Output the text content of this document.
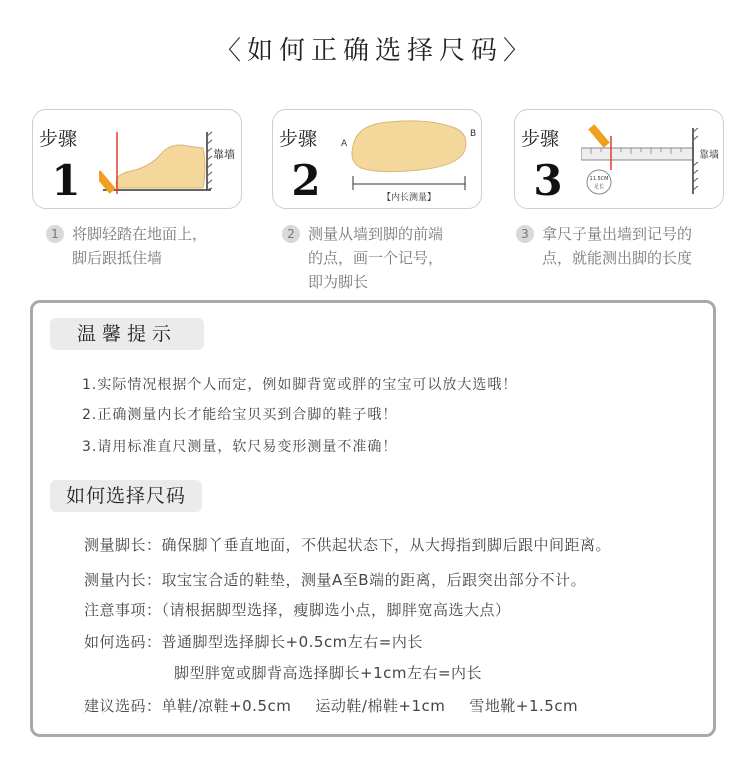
〈如何正确选择尺码〉
步骤
1
靠墙
步骤
2
A
B
【内长测量】
步骤
3	11.5CM
足长
靠墙
1 将脚轻踏在地面上，
脚后跟抵住墙
2 测量从墙到脚的前端
的点，画一个记号，
即为脚长
3 拿尺子量出墙到记号的
点，就能测出脚的长度
温馨提示
1.实际情况根据个人而定，例如脚背宽或胖的宝宝可以放大选哦！
2.正确测量内长才能给宝贝买到合脚的鞋子哦！
3.请用标准直尺测量，软尺易变形测量不准确！
如何选择尺码
测量脚长：确保脚丫垂直地面，不供起状态下，从大拇指到脚后跟中间距离。
测量内长：取宝宝合适的鞋垫，测量A至B端的距离，后跟突出部分不计。
注意事项：（请根据脚型选择，瘦脚选小点，脚胖宽高选大点）
如何选码：普通脚型选择脚长+0.5cm左右=内长
脚型胖宽或脚背高选择脚长+1cm左右=内长
建议选码：单鞋/凉鞋+0.5cm 运动鞋/棉鞋+1cm 雪地靴+1.5cm
